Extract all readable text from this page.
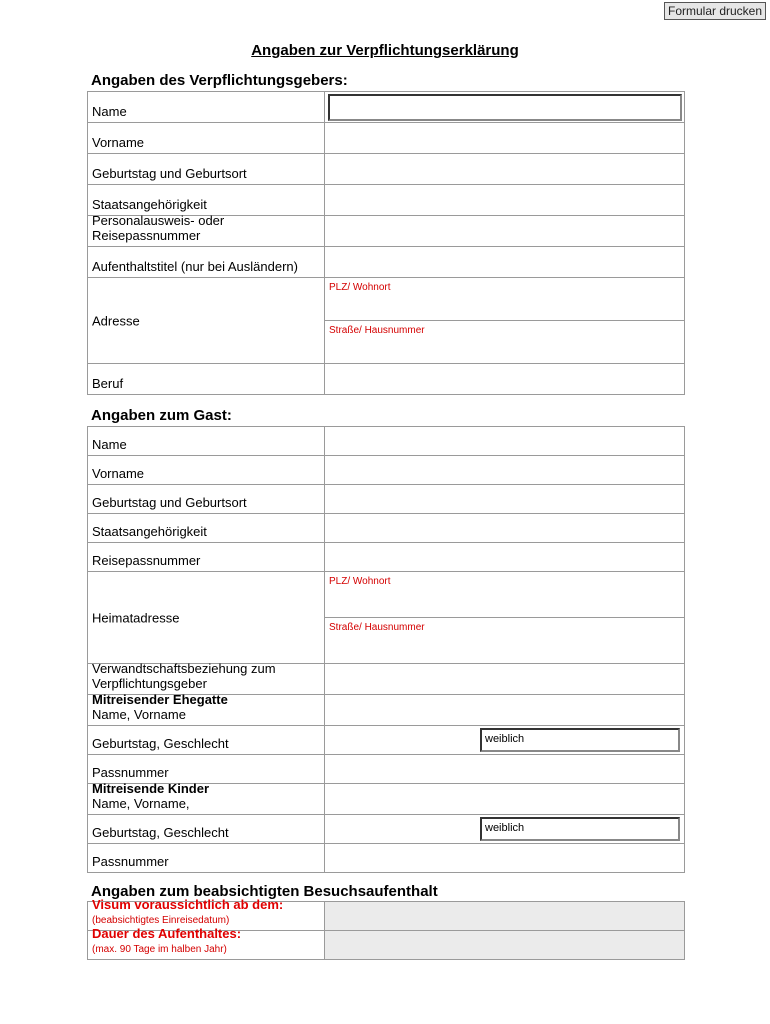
Formular drucken
Angaben zur Verpflichtungserklärung
Angaben des Verpflichtungsgebers:
Name	

Vorname	

Geburtstag und Geburtsort	

Staatsangehörigkeit	

Personalausweis- oder
Reisepassnummer	

Aufenthaltstitel (nur bei Ausländern)	

Adresse	PLZ/ Wohnort

	Straße/ Hausnummer

Beruf	

Angaben zum Gast:
Name	

Vorname	

Geburtstag und Geburtsort	

Staatsangehörigkeit	

Reisepassnummer	

Heimatadresse	PLZ/ Wohnort

	Straße/ Hausnummer

Verwandtschaftsbeziehung zum
Verpflichtungsgeber	

Mitreisender Ehegatte
Name, Vorname	

Geburtstag, Geschlecht	weiblich

Passnummer	

Mitreisende Kinder
Name, Vorname,	

Geburtstag, Geschlecht	weiblich

Passnummer	

Angaben zum beabsichtigten Besuchsaufenthalt
Visum voraussichtlich ab dem:
(beabsichtigtes Einreisedatum)	

Dauer des Aufenthaltes:
(max. 90 Tage im halben Jahr)	
